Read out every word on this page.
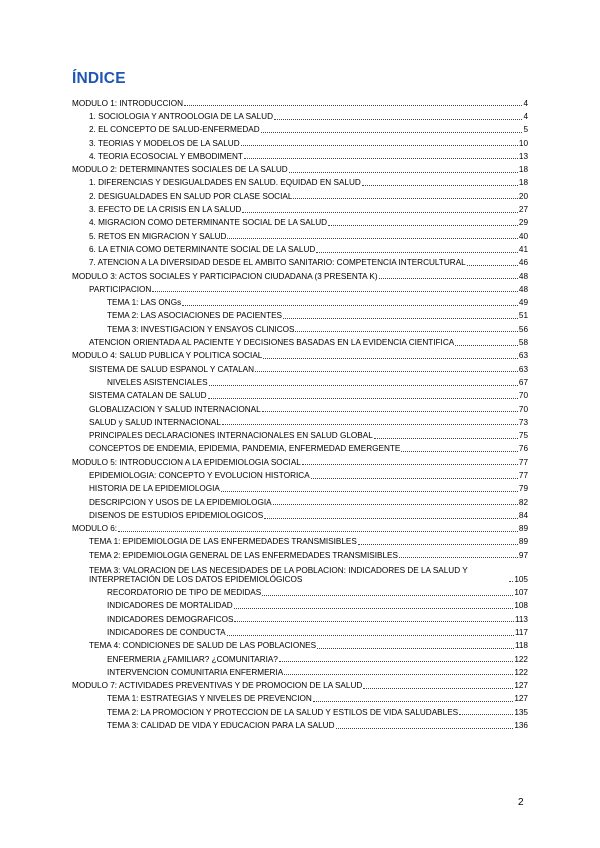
ÍNDICE
MÓDULO 1: INTRODUCCIÓN	4
1. SOCIOLOGÍA Y ANTROÓLOGÍA DE LA SALUD	4
2. EL CONCEPTO DE SALUD-ENFERMEDAD	5
3. TEORÍAS Y MODELOS DE LA SALUD	10
4. TEORÍA ECOSOCIAL Y EMBODIMENT	13
MÓDULO 2: DETERMINANTES SOCIALES DE LA SALUD	18
1. DIFERENCIAS Y DESIGUALDADES EN SALUD. EQUIDAD EN SALUD	18
2. DESIGUALDADES EN SALUD POR CLASE SOCIAL	20
3. EFECTO DE LA CRISIS EN LA SALUD	27
4. MIGRACIÓN COMO DETERMINANTE SOCIAL DE LA SALUD	29
5. RETOS EN MIGRACIÓN Y SALUD	40
6. LA ETNIA COMO DETERMINANTE SOCIAL DE LA SALUD	41
7. ATENCIÓN A LA DIVERSIDAD DESDE EL ÁMBITO SANITARIO: COMPETENCIA INTERCULTURAL	46
MÓDULO 3: ACTOS SOCIALES Y PARTICIPACIÓN CIUDADANA (3 PRESENTA K)	48
PARTICIPACIÓN	48
TEMA 1: LAS ONGs	49
TEMA 2: LAS ASOCIACIONES DE PACIENTES	51
TEMA 3: INVESTIGACIÓN Y ENSAYOS CLÍNICOS	56
ATENCIÓN ORIENTADA AL PACIENTE Y DECISIONES BASADAS EN LA EVIDENCIA CIENTÍFICA	58
MODULO 4: SALUD PÚBLICA Y POLÍTICA SOCIAL	63
SISTEMA DE SALUD ESPAÑOL Y CATALAN	63
NIVELES ASISTENCIALES	67
SISTEMA CATALAN DE SALUD	70
GLOBALIZACIÓN Y SALUD INTERNACIONAL	70
SALUD y SALUD INTERNACIONAL	73
PRINCIPALES DECLARACIONES INTERNACIONALES EN SALUD GLOBAL	75
CONCEPTOS DE ENDEMIA, EPIDEMIA, PANDEMIA, ENFERMEDAD EMERGENTE	76
MÓDULO 5: INTRODUCCIÓN A LA EPIDEMIOLOGÍA SOCIAL	77
EPIDEMIOLOGÍA: CONCEPTO Y EVOLUCIÓN HISTÓRICA	77
HISTORIA DE LA EPIDEMIOLOGÍA	79
DESCRIPCIÓN Y USOS DE LA EPIDEMIOLOGÍA	82
DISEÑOS DE ESTUDIOS EPIDEMIOLÓGICOS	84
MÓDULO 6:	89
TEMA 1: EPIDEMIOLOGÍA DE LAS ENFERMEDADES TRANSMISIBLES	89
TEMA 2: EPIDEMIOLOGÍA GENERAL DE LAS ENFERMEDADES TRANSMISIBLES	97
TEMA 3: VALORACIÓN DE LAS NECESIDADES DE LA POBLACIÓN: INDICADORES DE LA SALUD Y INTERPRETACIÓN DE LOS DATOS EPIDEMIOLÓGICOS	105
RECORDATORIO DE TIPO DE MEDIDAS	107
INDICADORES DE MORTALIDAD	108
INDICADORES DEMOGRÁFICOS	113
INDICADORES DE CONDUCTA	117
TEMA 4: CONDICIONES DE SALUD DE LAS POBLACIONES	118
ENFERMERÍA ¿FAMILIAR? ¿COMUNITARIA?	122
INTERVENCIÓN COMUNITARIA ENFERMERÍA	122
MÓDULO 7: ACTIVIDADES PREVENTIVAS Y DE PROMOCIÓN DE LA SALUD	127
TEMA 1: ESTRATEGIAS Y NIVELES DE PREVENCIÓN	127
TEMA 2: LA PROMOCIÓN Y PROTECCIÓN DE LA SALUD Y ESTILOS DE VIDA SALUDABLES	135
TEMA 3: CALIDAD DE VIDA Y EDUCACIÓN PARA LA SALUD	136
2
